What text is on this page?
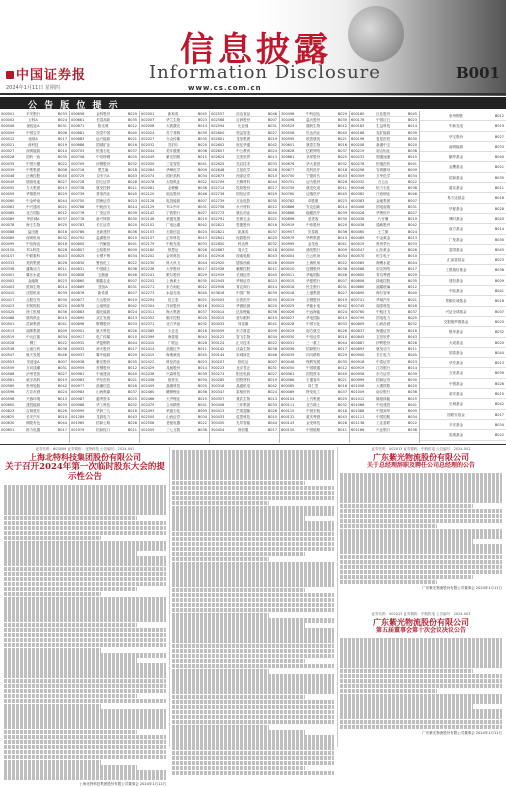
中国证券报
信息披露
Information Disclosure	B001
2024年1月11日 星期四	www.cs.com.cn
公 告 版 位 提 示
000001	平安银行	B033
000002	万科A	B024
000006	深振业A	B031
000009	中国宝安	B008
000012	南玻A	B017
000021	深科技	B019
000027	深圳能源	B010
000028	国药一致	B035
000035	中国天楹	B022
000039	中集集团	B006
000046	泛海控股	B040
000049	德赛电池	B027
000055	方大集团	B013
000059	华锦股份	B029
000060	中金岭南	B044
000063	中兴通讯	B021
000065	北方国际	B012
000069	华侨城A	B037
000078	海王生物	B025
000088	盐田港	B016
000089	深圳机场	B032
000099	中信海直	B018
000100	TCL科技	B028
000157	中联重科	B043
000333	美的集团	B026
000338	潍柴动力	B011
000401	冀东水泥	B045
000402	金融街	B023
000403	派林生物	B014
000410	沈阳机床	B039
000417	合肥百货	B030
000423	东阿阿胶	B020
000425	徐工机械	B036
000488	晨鸣纸业	B015
000501	武商集团	B041
000513	丽珠集团	B009
000519	中兵红箭	B034
000528	柳工	B022
000538	云南白药	B038
000547	航天发展	B046
000553	安道麦A	B007
000559	万向钱潮	B031
000568	泸州老窖	B027
000581	威孚高科	B019
000589	贵州轮胎	B042
000596	古井贡酒	B024
000598	兴蓉环境	B013
000600	建投能源	B033
000623	吉林敖东	B026
000625	长安汽车	B010
000630	铜陵有色	B044
000651	格力电器	B017
000656	金科股份	B029
000661	长春高新	B035
000671	阳光城	B012
000681	视觉中国	B040
000683	远兴能源	B021
000688	国城矿业	B016
000703	恒逸石化	B037
000708	中信特钢	B025
000709	河钢股份	B032
000716	黑芝麻	B018
000725	京东方A	B043
000728	国元证券	B028
000738	航发控制	B011
000739	普洛药业	B045
000750	国海证券	B023
000768	中航西飞	B014
000776	广发证券	B039
000778	新兴铸管	B030
000783	长江证券	B020
000786	北新建材	B036
000792	盐湖股份	B015
000800	一汽解放	B041
000807	云铝股份	B009
000825	太钢不锈	B034
000830	鲁西化工	B022
000831	中国稀土	B038
000858	五粮液	B046
000860	顺鑫农业	B007
000869	张裕A	B031
000876	新希望	B027
000877	天山股份	B019
000878	云南铜业	B042
000883	湖北能源	B024
000895	双汇发展	B013
000898	鞍钢股份	B033
000901	航天科技	B026
000917	电广传媒	B010
000932	华菱钢铁	B044
000933	神火股份	B017
000937	冀中能源	B029
000938	紫光股份	B035
000959	首钢股份	B012
000961	中南建设	B040
000963	华东医药	B021
000977	浪潮信息	B016
000983	山西焦煤	B037
000987	越秀资本	B025
000988	华工科技	B032
000999	华润三九	B018
001289	龙源电力	B043
001965	招商公路	B028
001979	招商蛇口	B011
002001	新和成	B045
002007	华兰生物	B023
002008	大族激光	B014
002024	苏宁易购	B039
002027	分众传媒	B030
002032	苏泊尔	B020
002044	美年健康	B036
002049	紫光国微	B015
002050	三花智控	B041
002064	华峰化学	B009
002074	国轩高科	B034
002078	太阳纸业	B022
002081	金螳螂	B038
002120	韵达股份	B046
002128	电投能源	B007
002129	TCL中环	B031
002142	宁波银行	B027
002146	荣盛发展	B019
002152	广电运通	B042
002153	石基信息	B024
002157	正邦科技	B013
002179	中航光电	B033
002180	纳思达	B026
002202	金风科技	B010
002230	科大讯飞	B044
002236	大华股份	B017
002241	歌尔股份	B029
002252	上海莱士	B035
002271	东方雨虹	B012
002273	水晶光电	B040
002294	信立泰	B021
002304	洋河股份	B016
002311	海大集团	B037
002352	顺丰控股	B025
002371	北方华创	B032
002385	大北农	B018
002399	海普瑞	B043
002410	广联达	B028
002414	高德红外	B011
002415	海康威视	B045
002422	科伦药业	B023
002429	兆驰股份	B014
002436	兴森科技	B039
002456	欧菲光	B030
002459	晶澳科技	B020
002460	赣锋锂业	B036
002466	天齐锂业	B015
002475	立讯精密	B041
002493	荣盛石化	B009
002500	山西证券	B034
002508	老板电器	B022
002555	三七互娱	B038
002557	洽洽食品	B046
002568	百润股份	B007
002594	比亚迪	B031
002600	领益智造	B027
002601	龙佰集团	B019
002602	世纪华通	B042
002607	中公教育	B024
002624	完美世界	B013
002625	光启技术	B033
002648	卫星化学	B026
002673	西部证券	B010
002709	天赐材料	B044
002714	牧原股份	B017
002736	国信证券	B029
002739	万达电影	B035
002756	永兴材料	B012
002773	康弘药业	B040
002791	坚朗五金	B021
002812	恩捷股份	B016
002821	凯莱英	B037
002841	视源股份	B025
002850	科达利	B032
002867	周大生	B018
002916	深南电路	B043
002920	德赛西威	B028
002938	鹏鼎控股	B011
002939	长城证券	B045
002945	华林证券	B023
002958	青农商行	B014
003816	中国广核	B039
300003	乐普医疗	B030
300012	华测检测	B020
300014	亿纬锂能	B036
300015	爱尔眼科	B015
300033	同花顺	B041
300059	东方财富	B009
300122	智飞生物	B034
300124	汇川技术	B022
300142	沃森生物	B038
300144	宋城演艺	B046
300207	欣旺达	B007
300223	北京君正	B031
300274	阳光电源	B027
300285	国瓷材料	B019
300316	晶盛机电	B042
300347	泰格医药	B024
300357	我武生物	B013
300408	三环集团	B033
300413	芒果超媒	B026
300433	蓝思科技	B010
300450	先导智能	B044
300454	深信服	B017
300496	中科创达	B029
300498	温氏股份	B035
300529	健帆生物	B012
300558	贝达药业	B040
300595	欧普康视	B021
300601	康泰生物	B016
300628	亿联网络	B037
300661	圣邦股份	B025
300676	华大基因	B032
300677	英科医疗	B018
300750	宁德时代	B043
300751	迈为股份	B028
300759	康龙化成	B011
300760	迈瑞医疗	B045
300782	卓胜微	B023
300866	安克创新	B014
300888	稳健医疗	B039
300896	爱美客	B030
300919	中伟股份	B020
300957	贝泰妮	B036
300979	华利集团	B015
300999	金龙鱼	B041
600000	浦发银行	B009
600004	白云机场	B034
600009	上海机场	B022
600010	包钢股份	B038
600011	华能国际	B046
600015	华夏银行	B007
600016	民生银行	B031
600018	上港集团	B027
600019	宝钢股份	B019
600025	华能水电	B042
600026	中远海能	B024
600027	华电国际	B013
600028	中国石化	B033
600029	南方航空	B026
600030	中信证券	B010
600031	三一重工	B044
600036	招商银行	B017
600039	四川路桥	B029
600048	保利发展	B035
600050	中国联通	B012
600061	国投资本	B040
600066	宇通客车	B021
600085	同仁堂	B016
600089	特变电工	B037
600104	上汽集团	B025
600111	北方稀土	B032
600115	中国东航	B018
600132	重庆啤酒	B043
600143	金发科技	B028
600150	中国船舶	B011
600160	巨化股份	B045
600176	中国巨石	B023
600183	生益科技	B014
600188	兖矿能源	B039
600196	复星医药	B030
600208	新湖中宝	B020
600219	南山铝业	B036
600233	圆通速递	B015
600276	恒瑞医药	B041
600298	安琪酵母	B009
600309	万华化学	B034
600332	白云山	B022
600346	恒力石化	B038
600362	江西铜业	B046
600383	金地集团	B007
600406	国电南瑞	B031
600426	华鲁恒升	B027
600436	片仔癀	B019
600438	通威股份	B042
600460	士兰微	B024
600489	中金黄金	B013
600519	贵州茅台	B033
600547	山东黄金	B026
600570	恒生电子	B010
600585	海螺水泥	B044
600588	用友网络	B017
600600	青岛啤酒	B029
600606	绿地控股	B035
600660	福耀玻璃	B012
600690	海尔智家	B040
600741	华域汽车	B021
600745	闻泰科技	B016
600760	中航沈飞	B037
600795	国电电力	B025
600809	山西汾酒	B032
600837	海通证券	B018
600845	宝信软件	B043
600887	伊利股份	B028
600893	航发动力	B011
600900	长江电力	B045
600918	中泰证券	B023
600919	江苏银行	B014
600958	东方证券	B039
600999	招商证券	B030
601006	大秦铁路	B020
601009	南京银行	B036
601012	隆基绿能	B015
601066	中信建投	B041
601088	中国神华	B009
601111	中国国航	B034
601138	工业富联	B022
601166	兴业银行	B038
泉州钢铁	B012
中新光电	B019
华宝股份	B027
南网能源	B033
鹏华基金	B040
金鹰基金	B021
招商基金	B035
嘉实基金	B011
易方达基金	B016
华夏基金	B028
博时基金	B043
南方基金	B014
广发基金	B030
富国基金	B045
汇添富基金	B023
工银瑞信基金	B036
建信基金	B009
中欧基金	B041
景顺长城基金	B018
兴证全球基金	B037
交银施罗德基金	B025
银华基金	B032
大成基金	B020
国泰基金	B044
华安基金	B013
万家基金	B039
中银基金	B026
诺安基金	B010
长城基金	B042
国联安基金	B017
平安基金	B034
泰康基金	B022
证券代码：603009 证券简称：北特科技 公告编号：2024-001
上海北特科技集团股份有限公司
关于召开2024年第一次临时股东大会的提示性公告
上海北特科技集团股份有限公司董事会 2024年1月11日
证券代码：002013 证券简称：中航机电 公告编号：2024-002
广东紫光物流股份有限公司
关于总经理辞职及聘任公司总经理的公告
广东紫光物流股份有限公司董事会 2024年1月11日
证券代码：002013 证券简称：中航机电 公告编号：2024-003
广东紫光物流股份有限公司
第五届董事会第十次会议决议公告
广东紫光物流股份有限公司董事会 2024年1月11日
